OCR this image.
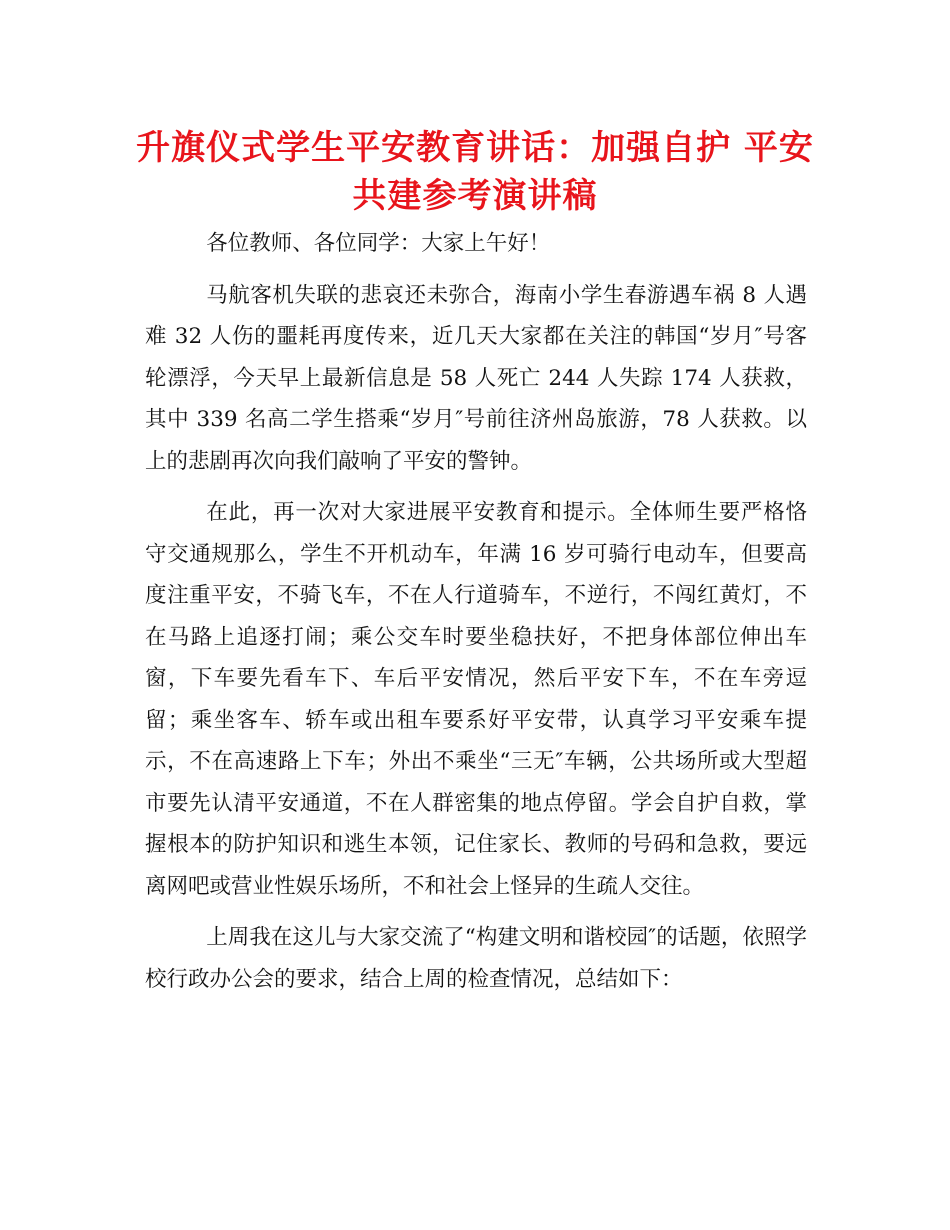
升旗仪式学生平安教育讲话：加强自护 平安共建参考演讲稿

各位教师、各位同学：大家上午好！

马航客机失联的悲哀还未弥合，海南小学生春游遇车祸 8 人遇难 32 人伤的噩耗再度传来，近几天大家都在关注的韩国“岁月″号客轮漂浮，今天早上最新信息是 58 人死亡 244 人失踪 174 人获救，其中 339 名高二学生搭乘“岁月″号前往济州岛旅游，78 人获救。以上的悲剧再次向我们敲响了平安的警钟。

在此，再一次对大家进展平安教育和提示。全体师生要严格恪守交通规那么，学生不开机动车，年满 16 岁可骑行电动车，但要高度注重平安，不骑飞车，不在人行道骑车，不逆行，不闯红黄灯，不在马路上追逐打闹；乘公交车时要坐稳扶好，不把身体部位伸出车窗，下车要先看车下、车后平安情况，然后平安下车，不在车旁逗留；乘坐客车、轿车或出租车要系好平安带，认真学习平安乘车提示，不在高速路上下车；外出不乘坐“三无″车辆，公共场所或大型超市要先认清平安通道，不在人群密集的地点停留。学会自护自救，掌握根本的防护知识和逃生本领，记住家长、教师的号码和急救，要远离网吧或营业性娱乐场所，不和社会上怪异的生疏人交往。

上周我在这儿与大家交流了“构建文明和谐校园″的话题，依照学校行政办公会的要求，结合上周的检查情况，总结如下：
